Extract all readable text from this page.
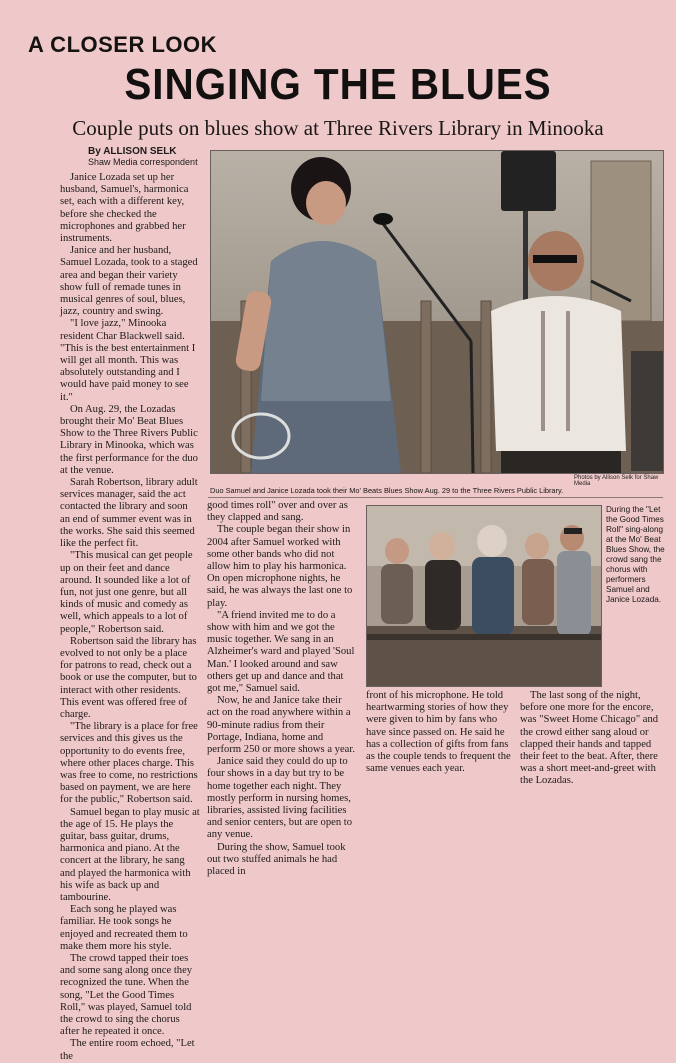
A CLOSER LOOK
SINGING THE BLUES
Couple puts on blues show at Three Rivers Library in Minooka
By ALLISON SELK
Shaw Media correspondent

Janice Lozada set up her husband, Samuel's, harmonica set, each with a different key, before she checked the microphones and grabbed her instruments.

Janice and her husband, Samuel Lozada, took to a staged area and began their variety show full of remade tunes in musical genres of soul, blues, jazz, country and swing.

"I love jazz," Minooka resident Char Blackwell said. "This is the best entertainment I will get all month. This was absolutely outstanding and I would have paid money to see it."

On Aug. 29, the Lozadas brought their Mo' Beat Blues Show to the Three Rivers Public Library in Minooka, which was the first performance for the duo at the venue.

Sarah Robertson, library adult services manager, said the act contacted the library and soon an end of summer event was in the works. She said this seemed like the perfect fit.

"This musical can get people up on their feet and dance around. It sounded like a lot of fun, not just one genre, but all kinds of music and comedy as well, which appeals to a lot of people," Robertson said.

Robertson said the library has evolved to not only be a place for patrons to read, check out a book or use the computer, but to interact with other residents. This event was offered free of charge.

"The library is a place for free services and this gives us the opportunity to do events free, where other places charge. This was free to come, no restrictions based on payment, we are here for the public," Robertson said.

Samuel began to play music at the age of 15. He plays the guitar, bass guitar, drums, harmonica and piano. At the concert at the library, he sang and played the harmonica with his wife as back up and tambourine.

Each song he played was familiar. He took songs he enjoyed and recreated them to make them more his style.

The crowd tapped their toes and some sang along once they recognized the tune. When the song, "Let the Good Times Roll," was played, Samuel told the crowd to sing the chorus after he repeated it once.

The entire room echoed, "Let the

Photos by Allison Selk for Shaw Media
Duo Samuel and Janice Lozada took their Mo' Beats Blues Show Aug. 29 to the Three Rivers Public Library.

good times roll" over and over as they clapped and sang.

The couple began their show in 2004 after Samuel worked with some other bands who did not allow him to play his harmonica. On open microphone nights, he said, he was always the last one to play.

"A friend invited me to do a show with him and we got the music together. We sang in an Alzheimer's ward and played 'Soul Man.' I looked around and saw others get up and dance and that got me," Samuel said.

Now, he and Janice take their act on the road anywhere within a 90-minute radius from their Portage, Indiana, home and perform 250 or more shows a year.

Janice said they could do up to four shows in a day but try to be home together each night. They mostly perform in nursing homes, libraries, assisted living facilities and senior centers, but are open to any venue.

During the show, Samuel took out two stuffed animals he had placed in

During the "Let the Good Times Roll" sing-along at the Mo' Beat Blues Show, the crowd sang the chorus with performers Samuel and Janice Lozada.

front of his microphone. He told heartwarming stories of how they were given to him by fans who have since passed on. He said he has a collection of gifts from fans as the couple tends to frequent the same venues each year.

The last song of the night, before one more for the encore, was "Sweet Home Chicago" and the crowd either sang aloud or clapped their hands and tapped their feet to the beat. After, there was a short meet-and-greet with the Lozadas.
